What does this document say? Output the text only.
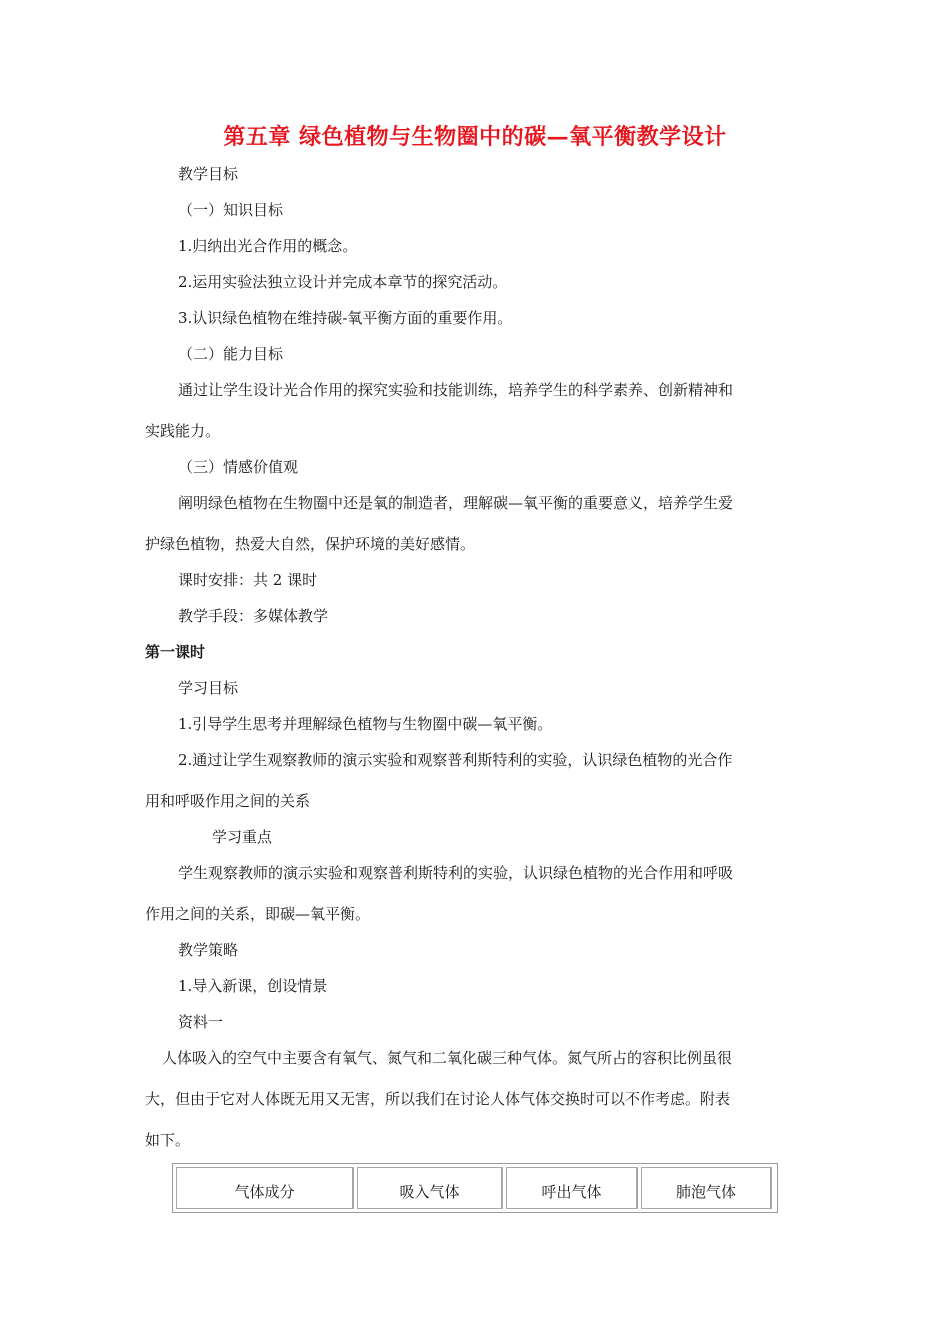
第五章 绿色植物与生物圈中的碳—氧平衡教学设计
教学目标
（一）知识目标
1.归纳出光合作用的概念。
2.运用实验法独立设计并完成本章节的探究活动。
3.认识绿色植物在维持碳-氧平衡方面的重要作用。
（二）能力目标
通过让学生设计光合作用的探究实验和技能训练，培养学生的科学素养、创新精神和
实践能力。
（三）情感价值观
阐明绿色植物在生物圈中还是氧的制造者，理解碳—氧平衡的重要意义，培养学生爱
护绿色植物，热爱大自然，保护环境的美好感情。
课时安排：共 2 课时
教学手段：多媒体教学
第一课时
学习目标
1.引导学生思考并理解绿色植物与生物圈中碳—氧平衡。
2.通过让学生观察教师的演示实验和观察普利斯特利的实验，认识绿色植物的光合作
用和呼吸作用之间的关系
学习重点
学生观察教师的演示实验和观察普利斯特利的实验，认识绿色植物的光合作用和呼吸
作用之间的关系，即碳—氧平衡。
教学策略
1.导入新课，创设情景
资料一
人体吸入的空气中主要含有氧气、氮气和二氧化碳三种气体。氮气所占的容积比例虽很
大，但由于它对人体既无用又无害，所以我们在讨论人体气体交换时可以不作考虑。附表
如下。
气体成分	吸入气体	呼出气体	肺泡气体
